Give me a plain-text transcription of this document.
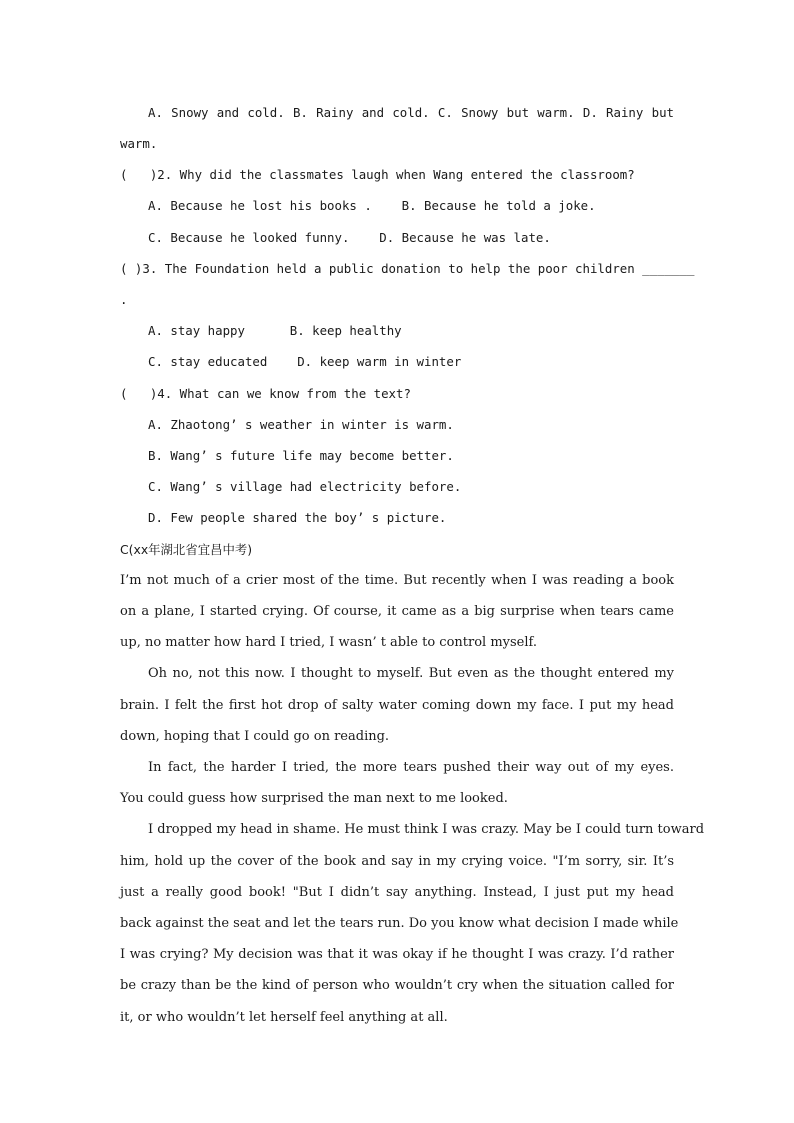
A. Snowy and cold. B. Rainy and cold. C. Snowy but warm. D. Rainy but
warm.
(   )2. Why did the classmates laugh when Wang entered the classroom?
A. Because he lost his books .    B. Because he told a joke.
C. Because he looked funny.    D. Because he was late.
( )3. The Foundation held a public donation to help the poor children _______
.
A. stay happy      B. keep healthy
C. stay educated    D. keep warm in winter
(   )4. What can we know from the text?
A. Zhaotong’ s weather in winter is warm.
B. Wang’ s future life may become better.
C. Wang’ s village had electricity before.
D. Few people shared the boy’ s picture.
C(xx年湖北省宜昌中考)
I’m not much of a crier most of the time. But recently when I was reading a book
on a plane, I started crying. Of course, it came as a big surprise when tears came
up, no matter how hard I tried, I wasn’ t able to control myself.
Oh no, not this now. I thought to myself. But even as the thought entered my
brain. I felt the first hot drop of salty water coming down my face. I put my head
down, hoping that I could go on reading.
In fact, the harder I tried, the more tears pushed their way out of my eyes.
You could guess how surprised the man next to me looked.
I dropped my head in shame. He must think I was crazy. May be I could turn toward
him, hold up the cover of the book and say in my crying voice. "I’m sorry, sir. It’s
just a really good book! "But I didn’t say anything. Instead, I just put my head
back against the seat and let the tears run. Do you know what decision I made while
I was crying? My decision was that it was okay if he thought I was crazy. I’d rather
be crazy than be the kind of person who wouldn’t cry when the situation called for
it, or who wouldn’t let herself feel anything at all.
